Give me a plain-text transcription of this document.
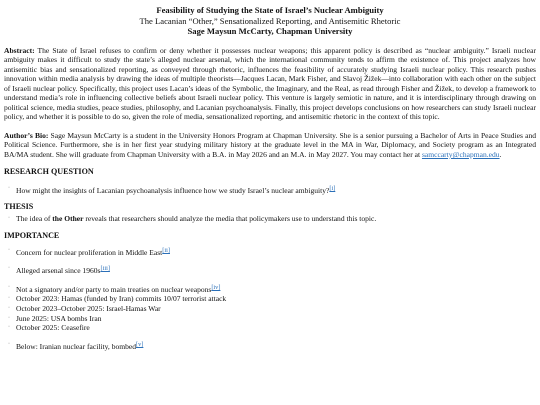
Feasibility of Studying the State of Israel’s Nuclear Ambiguity
The Lacanian “Other,” Sensationalized Reporting, and Antisemitic Rhetoric
Sage Maysun McCarty, Chapman University
Abstract: The State of Israel refuses to confirm or deny whether it possesses nuclear weapons; this apparent policy is described as “nuclear ambiguity.” Israeli nuclear ambiguity makes it difficult to study the state’s alleged nuclear arsenal, which the international community tends to affirm the existence of. This project analyzes how antisemitic bias and sensationalized reporting, as conveyed through rhetoric, influences the feasibility of accurately studying Israeli nuclear policy. This research pushes innovation within media analysis by drawing the ideas of multiple theorists—Jacques Lacan, Mark Fisher, and Slavoj Žižek—into collaboration with each other on the subject of Israeli nuclear policy. Specifically, this project uses Lacan’s ideas of the Symbolic, the Imaginary, and the Real, as read through Fisher and Žižek, to develop a framework to understand media’s role in influencing collective beliefs about Israeli nuclear policy. This venture is largely semiotic in nature, and it is interdisciplinary through drawing on political science, media studies, peace studies, philosophy, and Lacanian psychoanalysis. Finally, this project develops conclusions on how researchers can study Israeli nuclear policy, and whether it is possible to do so, given the role of media, sensationalized reporting, and antisemitic rhetoric in the context of this topic.
Author’s Bio: Sage Maysun McCarty is a student in the University Honors Program at Chapman University. She is a senior pursuing a Bachelor of Arts in Peace Studies and Political Science. Furthermore, she is in her first year studying military history at the graduate level in the MA in War, Diplomacy, and Society program as an Integrated BA/MA student. She will graduate from Chapman University with a B.A. in May 2026 and an M.A. in May 2027. You may contact her at samccarty@chapman.edu.
RESEARCH QUESTION
· How might the insights of Lacanian psychoanalysis influence how we study Israel’s nuclear ambiguity?[i]
THESIS
· The idea of the Other reveals that researchers should analyze the media that policymakers use to understand this topic.
IMPORTANCE
· Concern for nuclear proliferation in Middle East[ii]
· Alleged arsenal since 1960s[iii]
· Not a signatory and/or party to main treaties on nuclear weapons[iv]
· October 2023: Hamas (funded by Iran) commits 10/07 terrorist attack
· October 2023–October 2025: Israel-Hamas War
· June 2025: USA bombs Iran
· October 2025: Ceasefire
· Below: Iranian nuclear facility, bombed[v]
